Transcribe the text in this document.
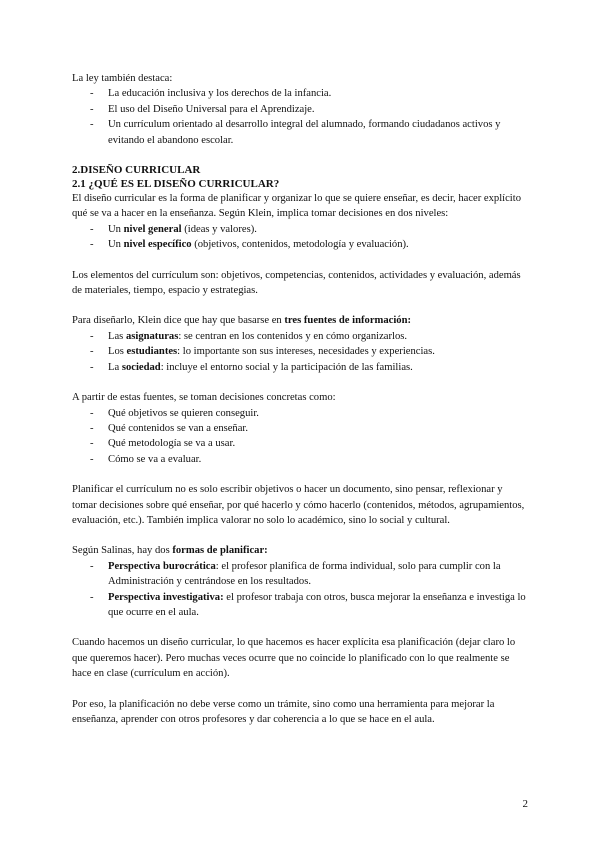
La ley también destaca:

- La educación inclusiva y los derechos de la infancia.
- El uso del Diseño Universal para el Aprendizaje.
- Un currículum orientado al desarrollo integral del alumnado, formando ciudadanos activos y evitando el abandono escolar.
2.DISEÑO CURRICULAR
2.1 ¿QUÉ ES EL DISEÑO CURRICULAR?

El diseño curricular es la forma de planificar y organizar lo que se quiere enseñar, es decir, hacer explícito qué se va a hacer en la enseñanza. Según Klein, implica tomar decisiones en dos niveles:

- Un nivel general (ideas y valores).
- Un nivel específico (objetivos, contenidos, metodología y evaluación).

Los elementos del currículum son: objetivos, competencias, contenidos, actividades y evaluación, además de materiales, tiempo, espacio y estrategias.

Para diseñarlo, Klein dice que hay que basarse en tres fuentes de información:

- Las asignaturas: se centran en los contenidos y en cómo organizarlos.
- Los estudiantes: lo importante son sus intereses, necesidades y experiencias.
- La sociedad: incluye el entorno social y la participación de las familias.

A partir de estas fuentes, se toman decisiones concretas como:

- Qué objetivos se quieren conseguir.
- Qué contenidos se van a enseñar.
- Qué metodología se va a usar.
- Cómo se va a evaluar.

Planificar el currículum no es solo escribir objetivos o hacer un documento, sino pensar, reflexionar y tomar decisiones sobre qué enseñar, por qué hacerlo y cómo hacerlo (contenidos, métodos, agrupamientos, evaluación, etc.). También implica valorar no solo lo académico, sino lo social y cultural.

Según Salinas, hay dos formas de planificar:

- Perspectiva burocrática: el profesor planifica de forma individual, solo para cumplir con la Administración y centrándose en los resultados.
- Perspectiva investigativa: el profesor trabaja con otros, busca mejorar la enseñanza e investiga lo que ocurre en el aula.

Cuando hacemos un diseño curricular, lo que hacemos es hacer explícita esa planificación (dejar claro lo que queremos hacer). Pero muchas veces ocurre que no coincide lo planificado con lo que realmente se hace en clase (currículum en acción).

Por eso, la planificación no debe verse como un trámite, sino como una herramienta para mejorar la enseñanza, aprender con otros profesores y dar coherencia a lo que se hace en el aula.

2
